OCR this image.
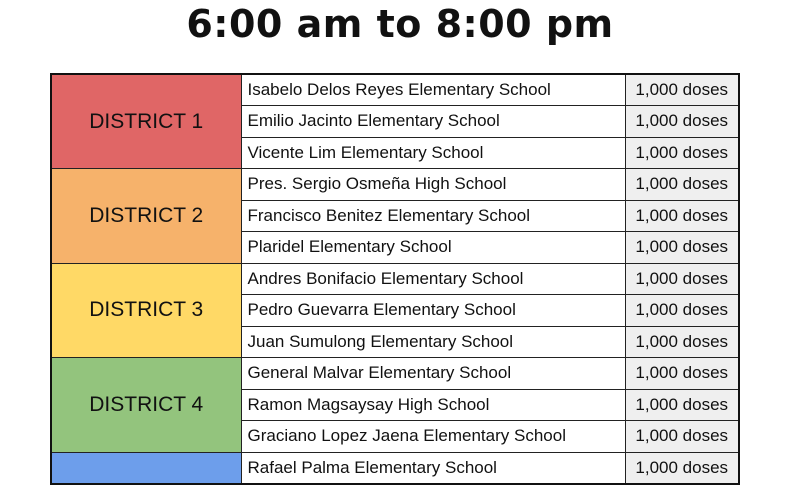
6:00 am to 8:00 pm
DISTRICT 1	Isabelo Delos Reyes Elementary School	1,000 doses
	Emilio Jacinto Elementary School	1,000 doses
	Vicente Lim Elementary School	1,000 doses
DISTRICT 2	Pres. Sergio Osmeña High School	1,000 doses
	Francisco Benitez Elementary School	1,000 doses
	Plaridel Elementary School	1,000 doses
DISTRICT 3	Andres Bonifacio Elementary School	1,000 doses
	Pedro Guevarra Elementary School	1,000 doses
	Juan Sumulong Elementary School	1,000 doses
DISTRICT 4	General Malvar Elementary School	1,000 doses
	Ramon Magsaysay High School	1,000 doses
	Graciano Lopez Jaena Elementary School	1,000 doses
	Rafael Palma Elementary School	1,000 doses
